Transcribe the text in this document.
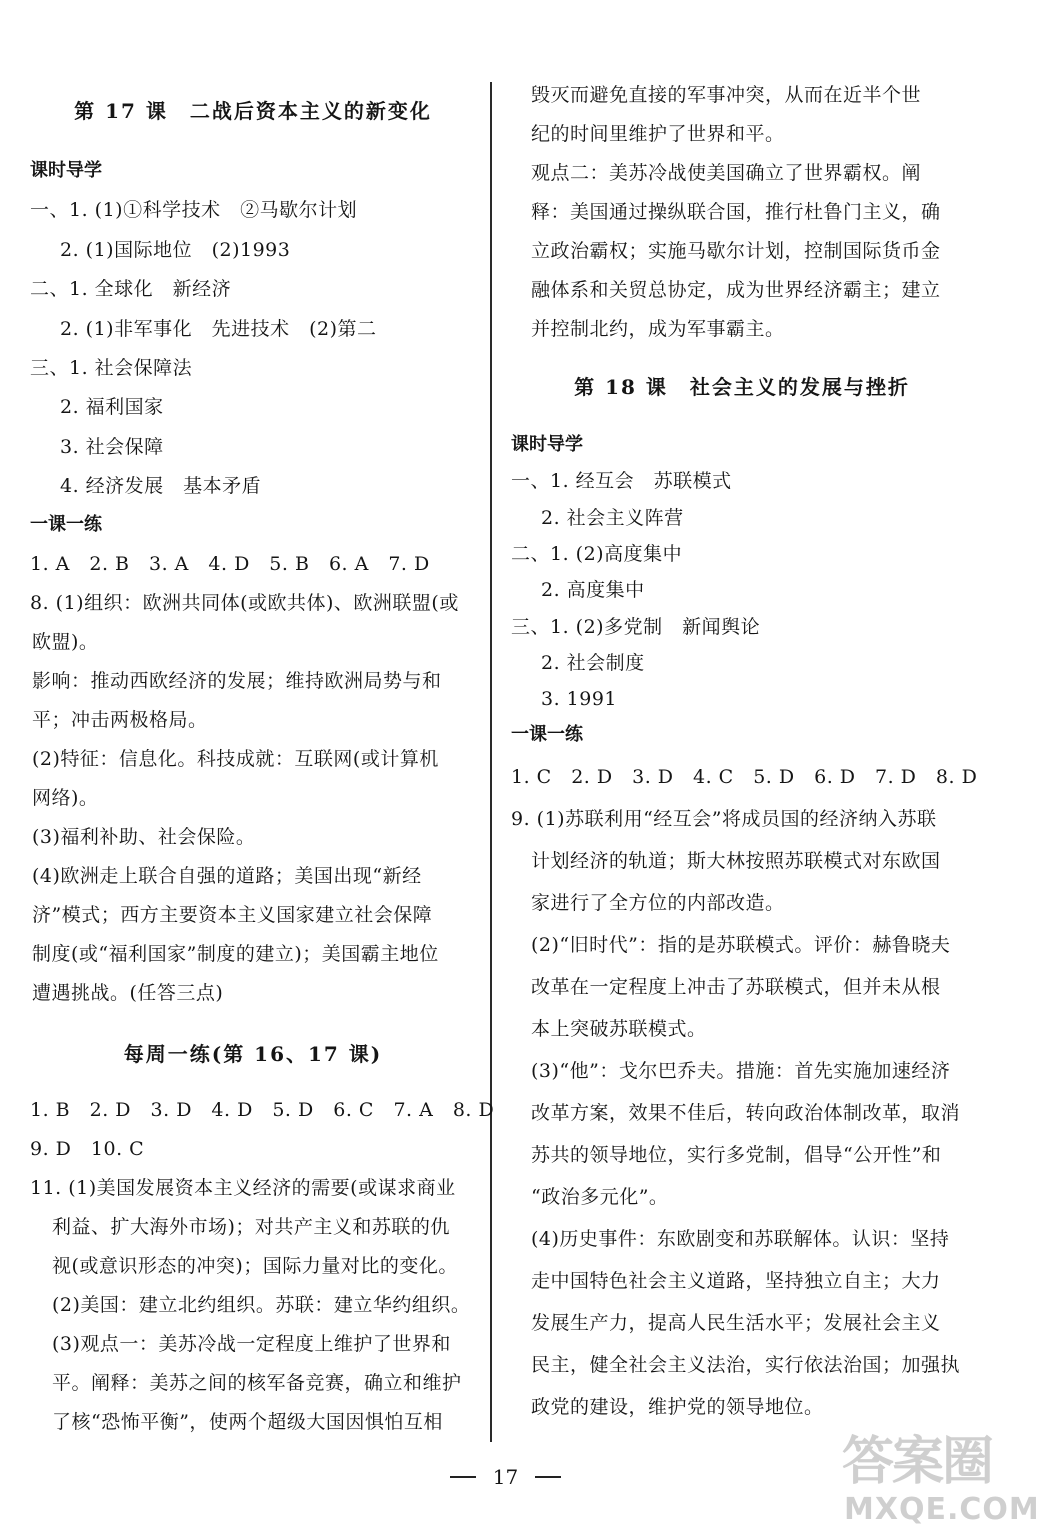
第 17 课　二战后资本主义的新变化
课时导学
一、1. (1)①科学技术　②马歇尔计划
2. (1)国际地位　(2)1993
二、1. 全球化　新经济
2. (1)非军事化　先进技术　(2)第二
三、1. 社会保障法
2. 福利国家
3. 社会保障
4. 经济发展　基本矛盾
一课一练
1. A　2. B　3. A　4. D　5. B　6. A　7. D
8. (1)组织：欧洲共同体(或欧共体)、欧洲联盟(或
欧盟)。
影响：推动西欧经济的发展；维持欧洲局势与和
平；冲击两极格局。
(2)特征：信息化。科技成就：互联网(或计算机
网络)。
(3)福利补助、社会保险。
(4)欧洲走上联合自强的道路；美国出现“新经
济”模式；西方主要资本主义国家建立社会保障
制度(或“福利国家”制度的建立)；美国霸主地位
遭遇挑战。(任答三点)
每周一练(第 16、17 课)
1. B　2. D　3. D　4. D　5. D　6. C　7. A　8. D
9. D　10. C
11. (1)美国发展资本主义经济的需要(或谋求商业
利益、扩大海外市场)；对共产主义和苏联的仇
视(或意识形态的冲突)；国际力量对比的变化。
(2)美国：建立北约组织。苏联：建立华约组织。
(3)观点一：美苏冷战一定程度上维护了世界和
平。阐释：美苏之间的核军备竞赛，确立和维护
了核“恐怖平衡”，使两个超级大国因惧怕互相
毁灭而避免直接的军事冲突，从而在近半个世
纪的时间里维护了世界和平。
观点二：美苏冷战使美国确立了世界霸权。阐
释：美国通过操纵联合国，推行杜鲁门主义，确
立政治霸权；实施马歇尔计划，控制国际货币金
融体系和关贸总协定，成为世界经济霸主；建立
并控制北约，成为军事霸主。
第 18 课　社会主义的发展与挫折
课时导学
一、1. 经互会　苏联模式
2. 社会主义阵营
二、1. (2)高度集中
2. 高度集中
三、1. (2)多党制　新闻舆论
2. 社会制度
3. 1991
一课一练
1. C　2. D　3. D　4. C　5. D　6. D　7. D　8. D
9. (1)苏联利用“经互会”将成员国的经济纳入苏联
计划经济的轨道；斯大林按照苏联模式对东欧国
家进行了全方位的内部改造。
(2)“旧时代”：指的是苏联模式。评价：赫鲁晓夫
改革在一定程度上冲击了苏联模式，但并未从根
本上突破苏联模式。
(3)“他”：戈尔巴乔夫。措施：首先实施加速经济
改革方案，效果不佳后，转向政治体制改革，取消
苏共的领导地位，实行多党制，倡导“公开性”和
“政治多元化”。
(4)历史事件：东欧剧变和苏联解体。认识：坚持
走中国特色社会主义道路，坚持独立自主；大力
发展生产力，提高人民生活水平；发展社会主义
民主，健全社会主义法治，实行依法治国；加强执
政党的建设，维护党的领导地位。
17	答案圈
MXQE.COM
